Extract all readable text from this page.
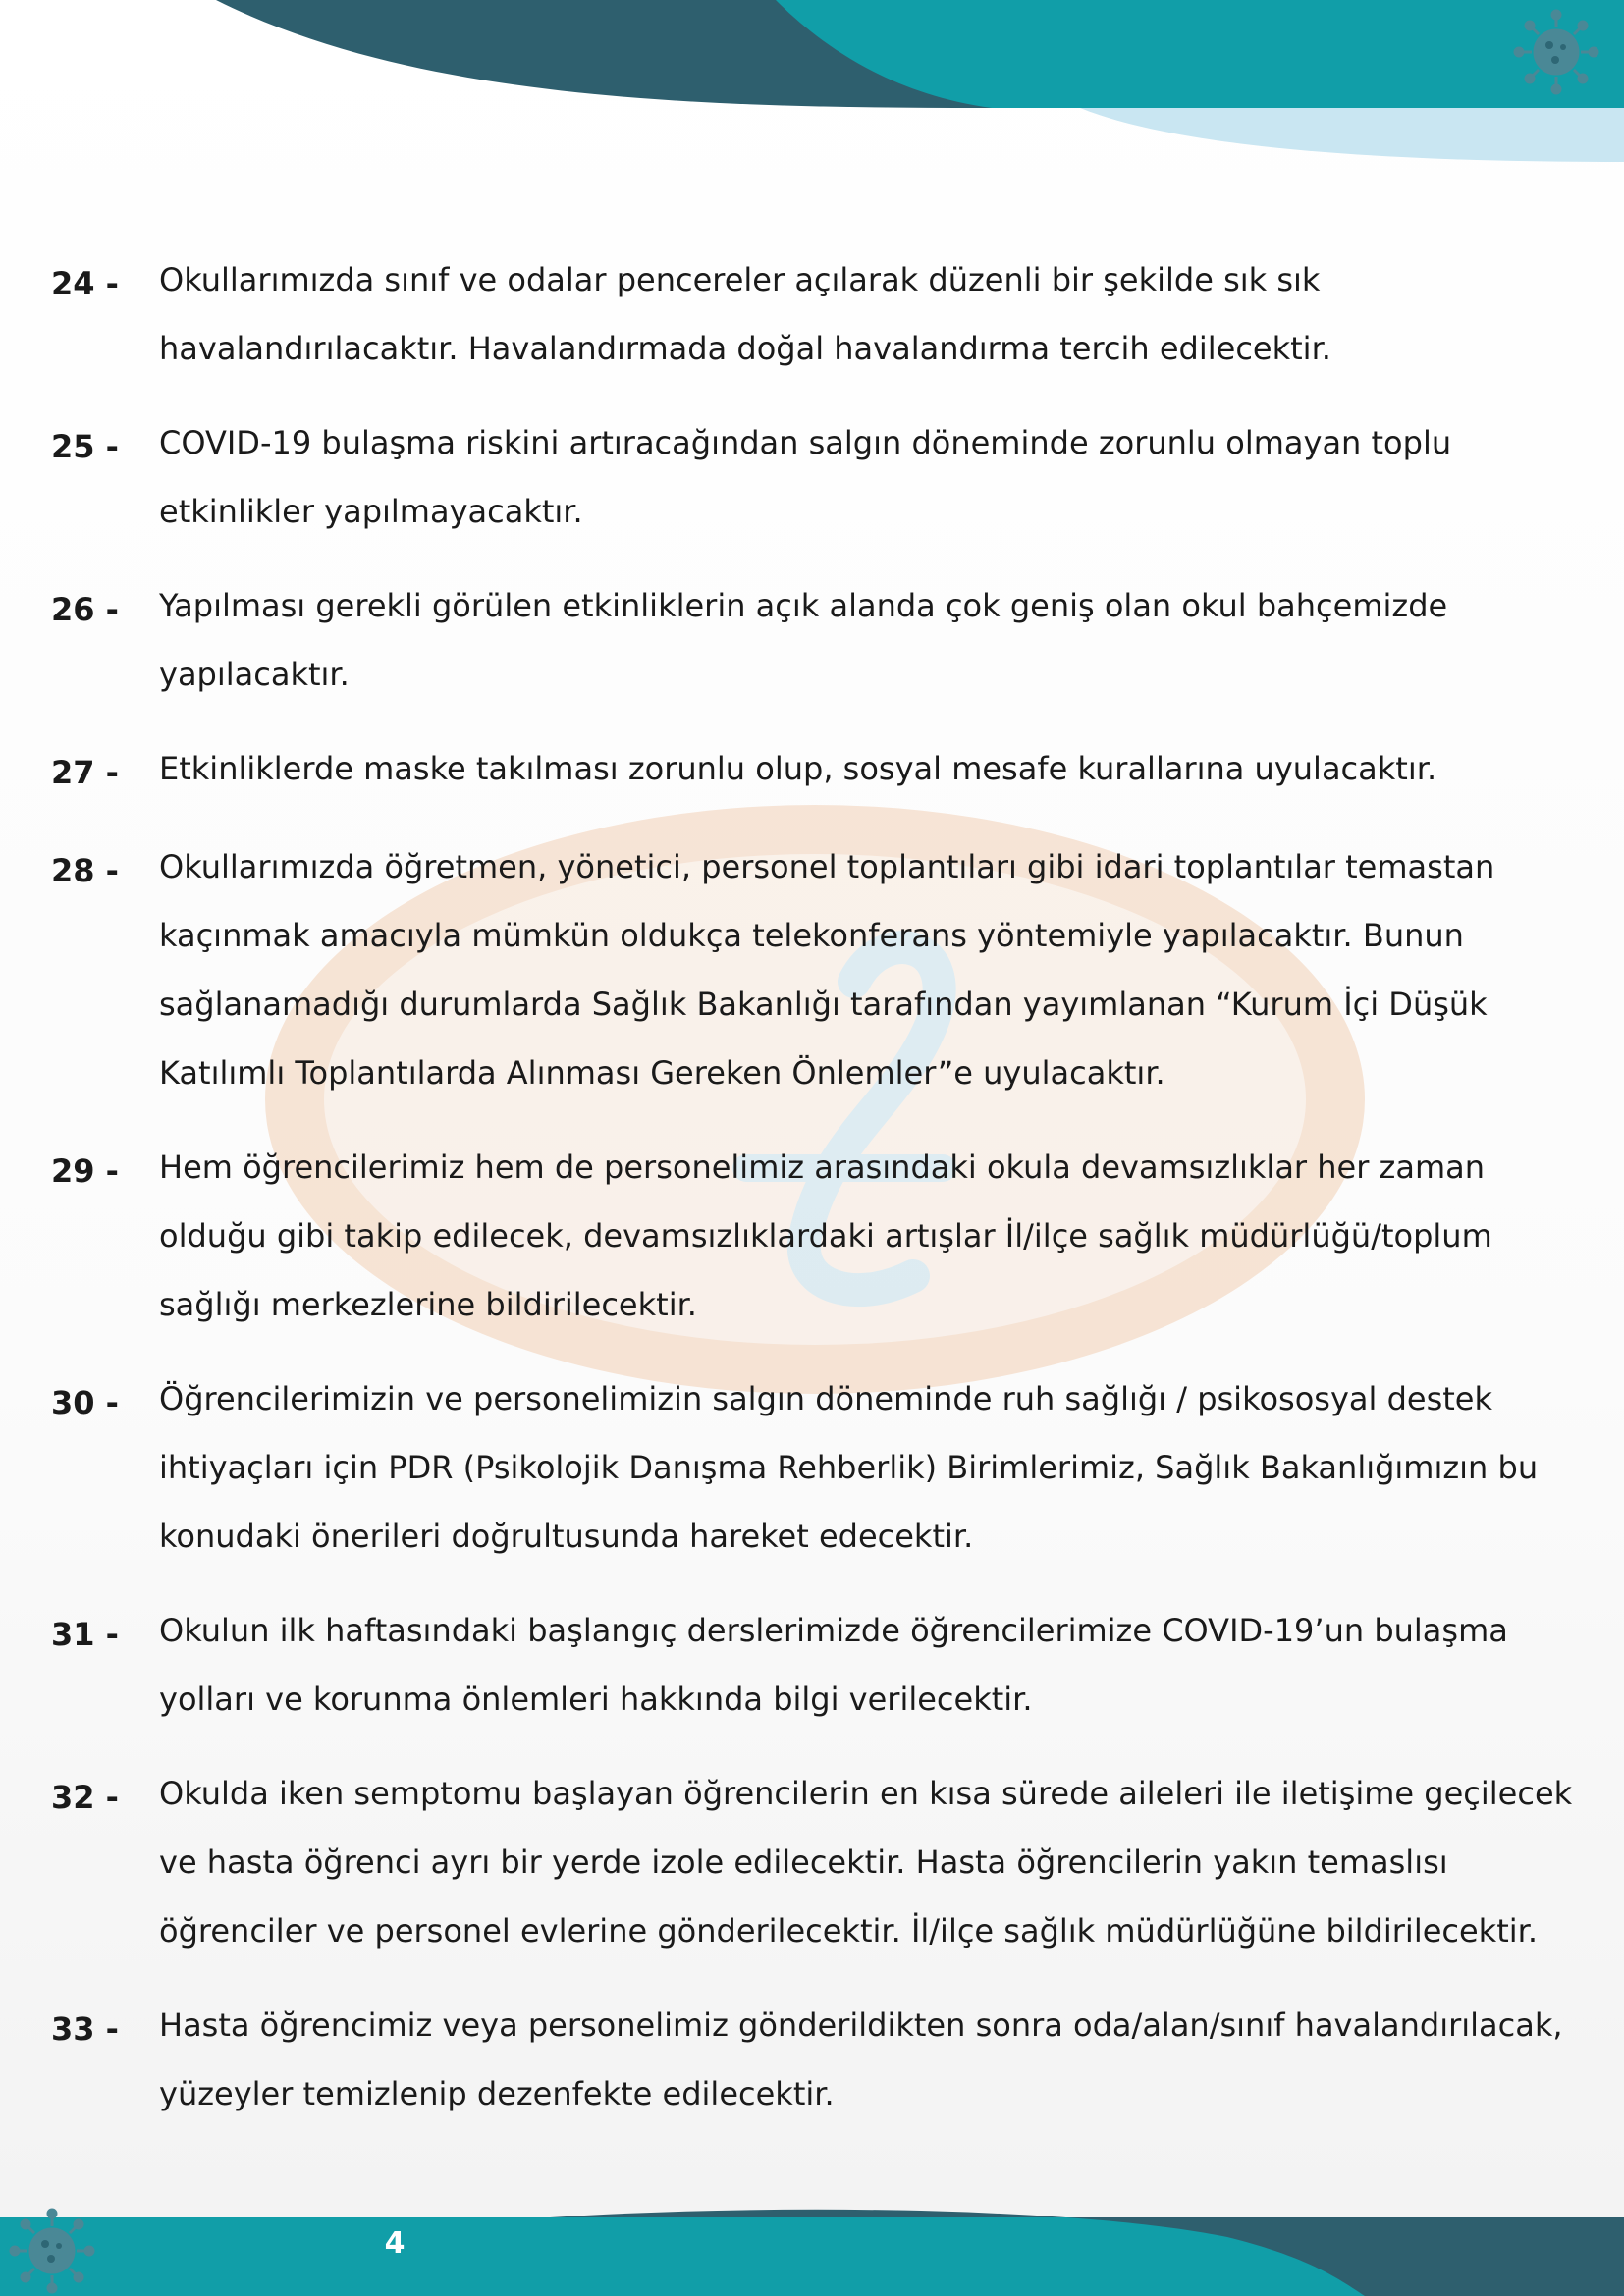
24 -	Okullarımızda sınıf ve odalar pencereler açılarak düzenli bir şekilde sık sık havalandırılacaktır. Havalandırmada doğal havalandırma tercih edilecektir.
25 -	COVID-19 bulaşma riskini artıracağından salgın döneminde zorunlu olmayan toplu etkinlikler yapılmayacaktır.
26 -	Yapılması gerekli görülen etkinliklerin açık alanda çok geniş olan okul bahçemizde yapılacaktır.
27 -	Etkinliklerde maske takılması zorunlu olup, sosyal mesafe kurallarına uyulacaktır.
28 -	Okullarımızda öğretmen, yönetici, personel toplantıları gibi idari toplantılar temastan kaçınmak amacıyla mümkün oldukça telekonferans yöntemiyle yapılacaktır. Bunun sağlanamadığı durumlarda Sağlık Bakanlığı tarafından yayımlanan “Kurum İçi Düşük Katılımlı Toplantılarda Alınması Gereken Önlemler”e uyulacaktır.
29 -	Hem öğrencilerimiz hem de personelimiz arasındaki okula devamsızlıklar her zaman olduğu gibi takip edilecek, devamsızlıklardaki artışlar İl/ilçe sağlık müdürlüğü/toplum sağlığı merkezlerine bildirilecektir.
30 -	Öğrencilerimizin ve personelimizin salgın döneminde ruh sağlığı / psikososyal destek ihtiyaçları için PDR (Psikolojik Danışma Rehberlik) Birimlerimiz, Sağlık Bakanlığımızın bu konudaki önerileri doğrultusunda hareket edecektir.
31 -	Okulun ilk haftasındaki başlangıç derslerimizde öğrencilerimize COVID-19’un bulaşma yolları ve korunma önlemleri hakkında bilgi verilecektir.
32 -	Okulda iken semptomu başlayan öğrencilerin en kısa sürede aileleri ile iletişime geçilecek ve hasta öğrenci ayrı bir yerde izole edilecektir. Hasta öğrencilerin yakın temaslısı öğrenciler ve personel evlerine gönderilecektir. İl/ilçe sağlık müdürlüğüne bildirilecektir.
33 -	Hasta öğrencimiz veya personelimiz gönderildikten sonra oda/alan/sınıf havalandırılacak, yüzeyler temizlenip dezenfekte edilecektir.
4
